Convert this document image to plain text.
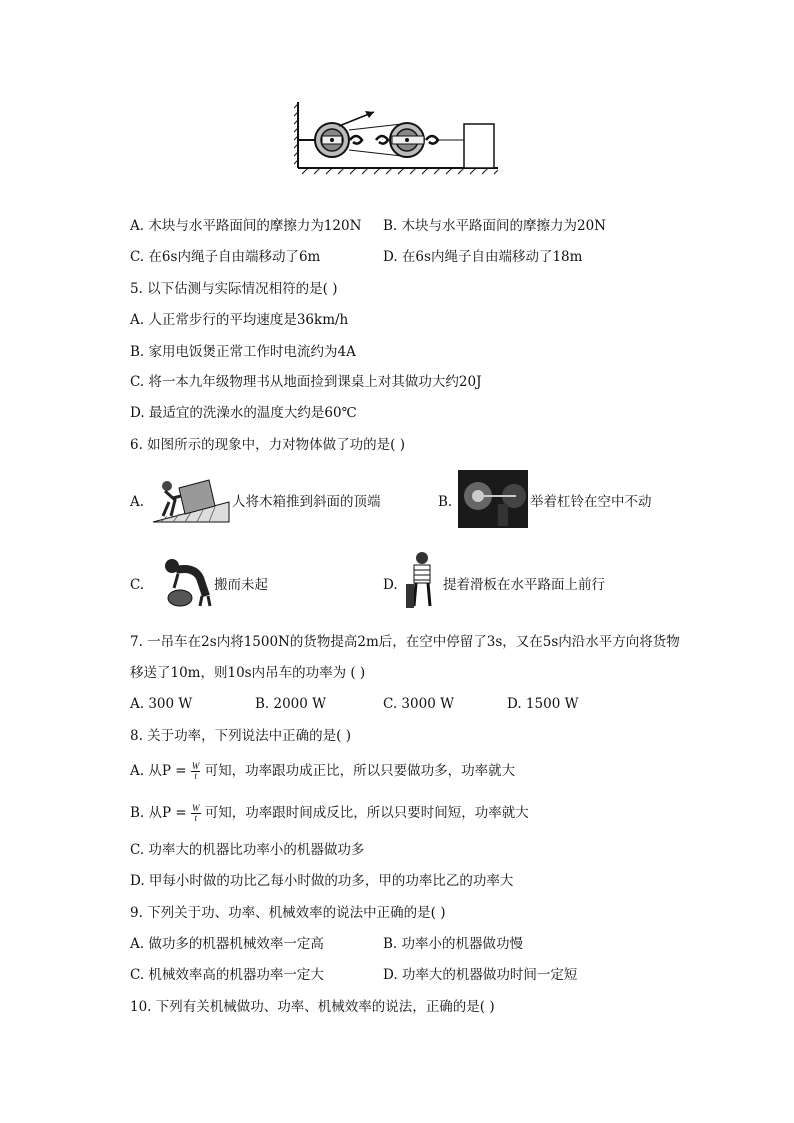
A. 木块与水平路面间的摩擦力为120N B. 木块与水平路面间的摩擦力为20N
C. 在6s内绳子自由端移动了6m	D. 在6s内绳子自由端移动了18m
5. 以下估测与实际情况相符的是( )
A. 人正常步行的平均速度是36km/h
B. 家用电饭煲正常工作时电流约为4A
C. 将一本九年级物理书从地面捡到课桌上对其做功大约20J
D. 最适宜的洗澡水的温度大约是60℃
6. 如图所示的现象中，力对物体做了功的是( )
A.	人将木箱推到斜面的顶端	B.	举着杠铃在空中不动
C.	搬而未起	D.	提着滑板在水平路面上前行
7. 一吊车在2s内将1500N的货物提高2m后，在空中停留了3s，又在5s内沿水平方向将货物
移送了10m，则10s内吊车的功率为 ( )
A. 300 W	B. 2000 W	C. 3000 W	D. 1500 W
8. 关于功率，下列说法中正确的是( )
A. 从$P = \frac{W}{t}$ 可知，功率跟功成正比，所以只要做功多，功率就大
B. 从$P = \frac{W}{t}$ 可知，功率跟时间成反比，所以只要时间短，功率就大
C. 功率大的机器比功率小的机器做功多
D. 甲每小时做的功比乙每小时做的功多，甲的功率比乙的功率大
9. 下列关于功、功率、机械效率的说法中正确的是( )
A. 做功多的机器机械效率一定高	B. 功率小的机器做功慢
C. 机械效率高的机器功率一定大	D. 功率大的机器做功时间一定短
10. 下列有关机械做功、功率、机械效率的说法，正确的是( )
